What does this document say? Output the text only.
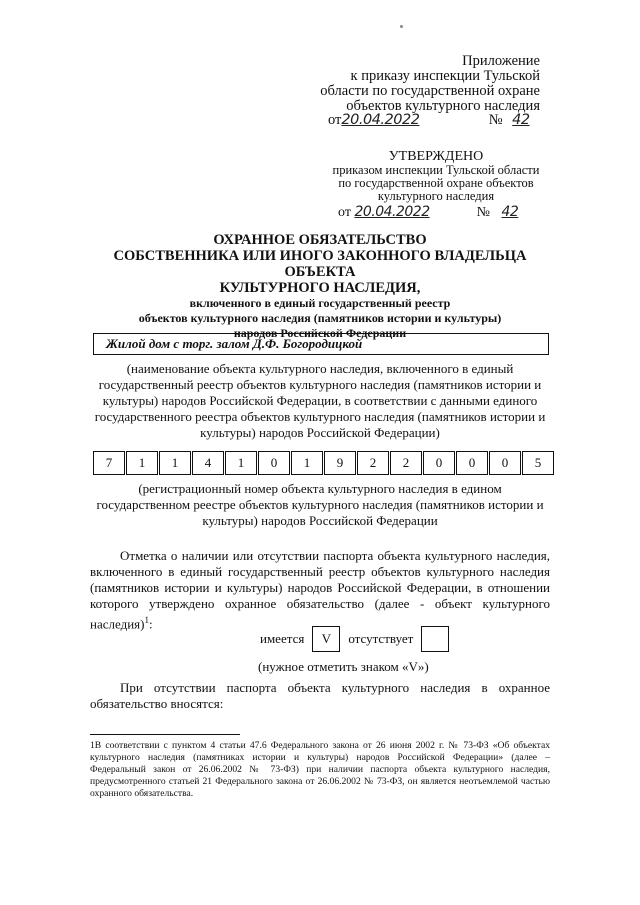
Приложение
к приказу инспекции Тульской
области по государственной охране
объектов культурного наследия
от20.04.2022	№ 42
УТВЕРЖДЕНО
приказом инспекции Тульской области
по государственной охране объектов
культурного наследия
от 20.04.2022	№ 42
ОХРАННОЕ ОБЯЗАТЕЛЬСТВО
СОБСТВЕННИКА ИЛИ ИНОГО ЗАКОННОГО ВЛАДЕЛЬЦА ОБЪЕКТА
КУЛЬТУРНОГО НАСЛЕДИЯ,
включенного в единый государственный реестр
объектов культурного наследия (памятников истории и культуры)
народов Российской Федерации
Жилой дом с торг. залом Д.Ф. Богородицкой
(наименование объекта культурного наследия, включенного в единый государственный реестр объектов культурного наследия (памятников истории и культуры) народов Российской Федерации, в соответствии с данными единого государственного реестра объектов культурного наследия (памятников истории и культуры) народов Российской Федерации)
7	1	1	4	1	0	1	9	2	2	0	0	0	5
(регистрационный номер объекта культурного наследия в едином государственном реестре объектов культурного наследия (памятников истории и культуры) народов Российской Федерации
Отметка о наличии или отсутствии паспорта объекта культурного наследия, включенного в единый государственный реестр объектов культурного наследия (памятников истории и культуры) народов Российской Федерации, в отношении которого утверждено охранное обязательство (далее - объект культурного наследия)$^1$:
имеется	V	отсутствует
(нужное отметить знаком «V»)
При отсутствии паспорта объекта культурного наследия в охранное обязательство вносятся:
1В соответствии с пунктом 4 статьи 47.6 Федерального закона от 26 июня 2002 г. № 73-ФЗ «Об объектах культурного наследия (памятниках истории и культуры) народов Российской Федерации» (далее – Федеральный закон от 26.06.2002 № 73-ФЗ) при наличии паспорта объекта культурного наследия, предусмотренного статьей 21 Федерального закона от 26.06.2002 № 73-ФЗ, он является неотъемлемой частью охранного обязательства.
